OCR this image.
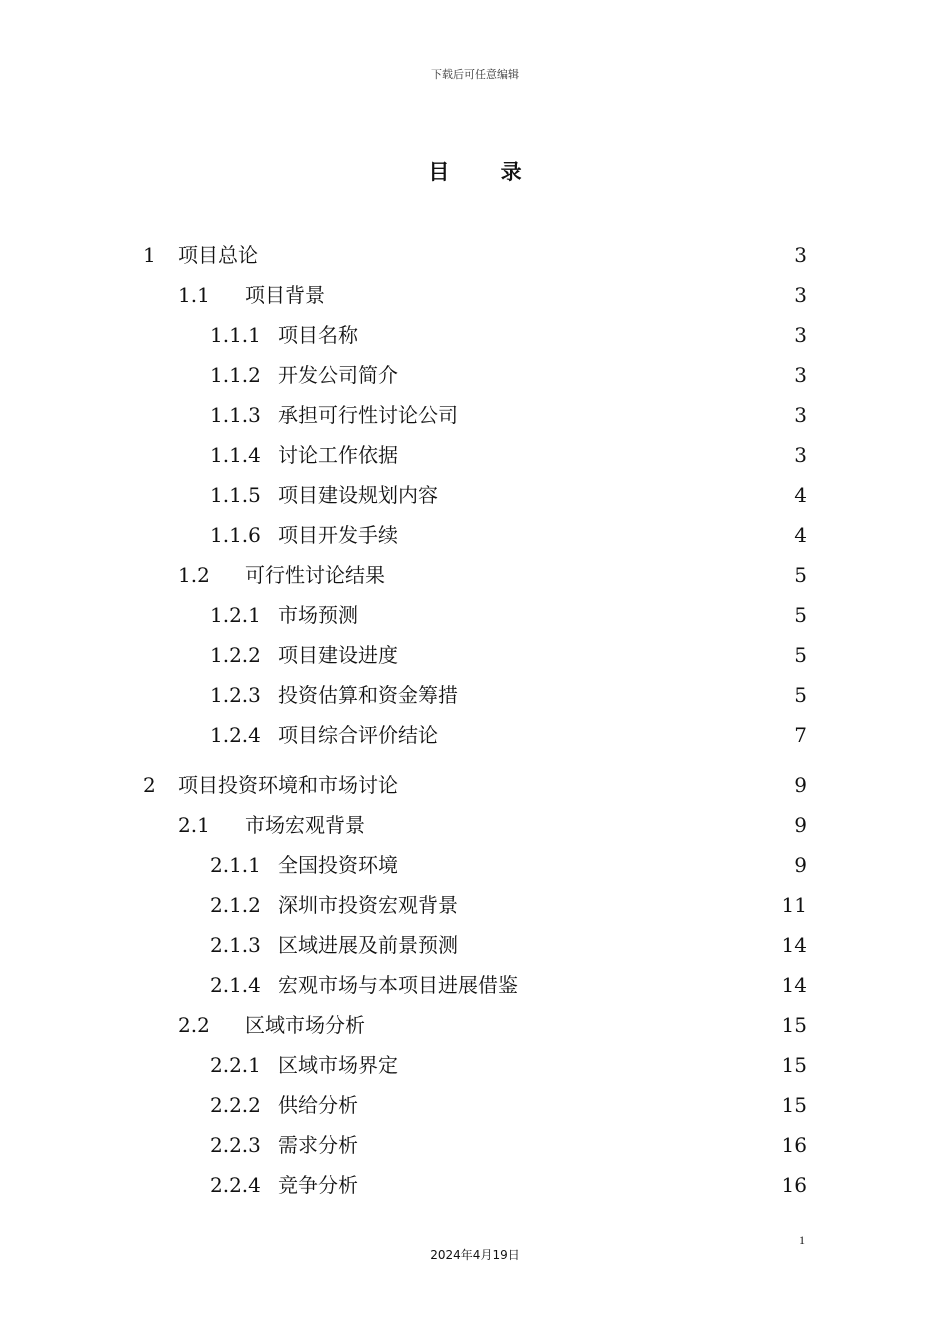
下载后可任意编辑
目 录
1 项目总论	3
1.1 项目背景	3
1.1.1 项目名称	3
1.1.2 开发公司简介	3
1.1.3 承担可行性讨论公司	3
1.1.4 讨论工作依据	3
1.1.5 项目建设规划内容	4
1.1.6 项目开发手续	4
1.2 可行性讨论结果	5
1.2.1 市场预测	5
1.2.2 项目建设进度	5
1.2.3 投资估算和资金筹措	5
1.2.4 项目综合评价结论	7
2 项目投资环境和市场讨论	9
2.1 市场宏观背景	9
2.1.1 全国投资环境	9
2.1.2 深圳市投资宏观背景	11
2.1.3 区域进展及前景预测	14
2.1.4 宏观市场与本项目进展借鉴	14
2.2 区域市场分析	15
2.2.1 区域市场界定	15
2.2.2 供给分析	15
2.2.3 需求分析	16
2.2.4 竞争分析	16
1
2024年4月19日
